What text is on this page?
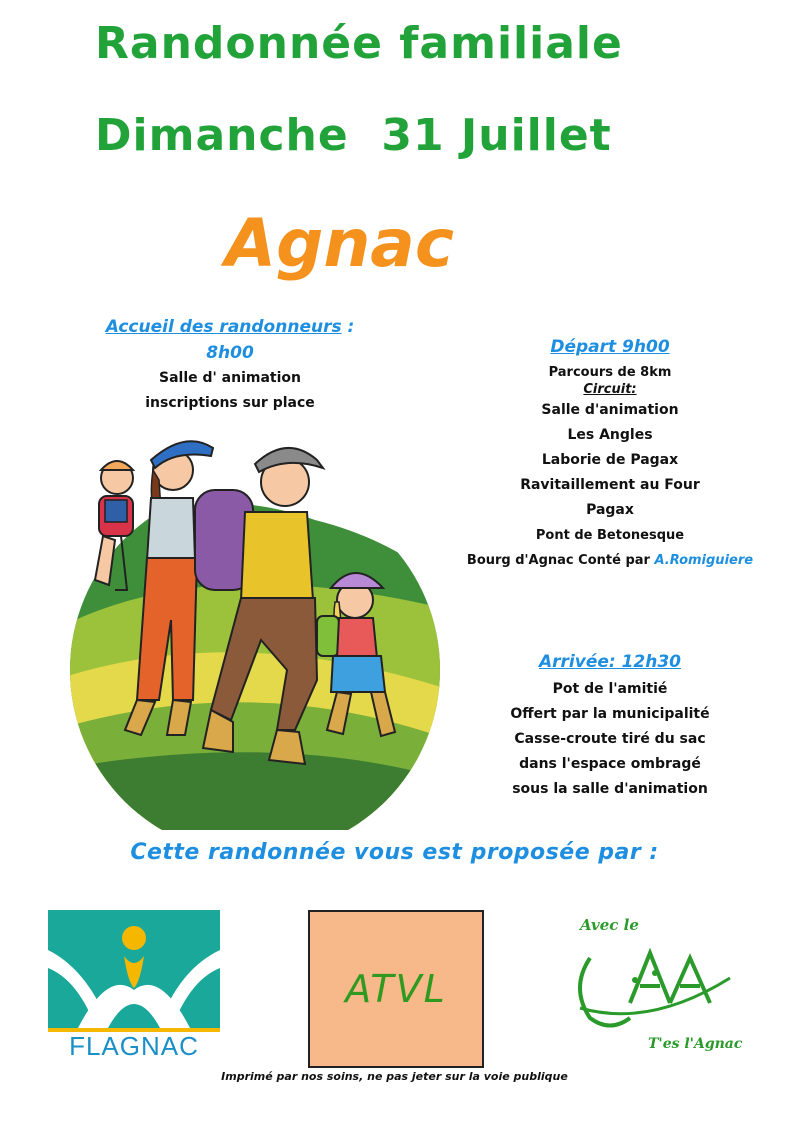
Randonnée familiale
Dimanche  31 Juillet
Agnac
Accueil des randonneurs :
8h00
Salle d' animation
inscriptions sur place
Départ 9h00
Parcours de 8km
Circuit:
Salle d'animation
Les Angles
Laborie de Pagax
Ravitaillement au Four
Pagax
Pont de Betonesque
Bourg d'Agnac Conté par A.Romiguiere
Arrivée: 12h30
Pot de l'amitié
Offert par la municipalité
Casse-croute tiré du sac
dans l'espace ombragé
sous la salle d'animation
Cette randonnée vous est proposée par :
FLAGNAC
ATVL
Avec le
T'es l'Agnac
Imprimé par nos soins, ne pas jeter sur la voie publique
